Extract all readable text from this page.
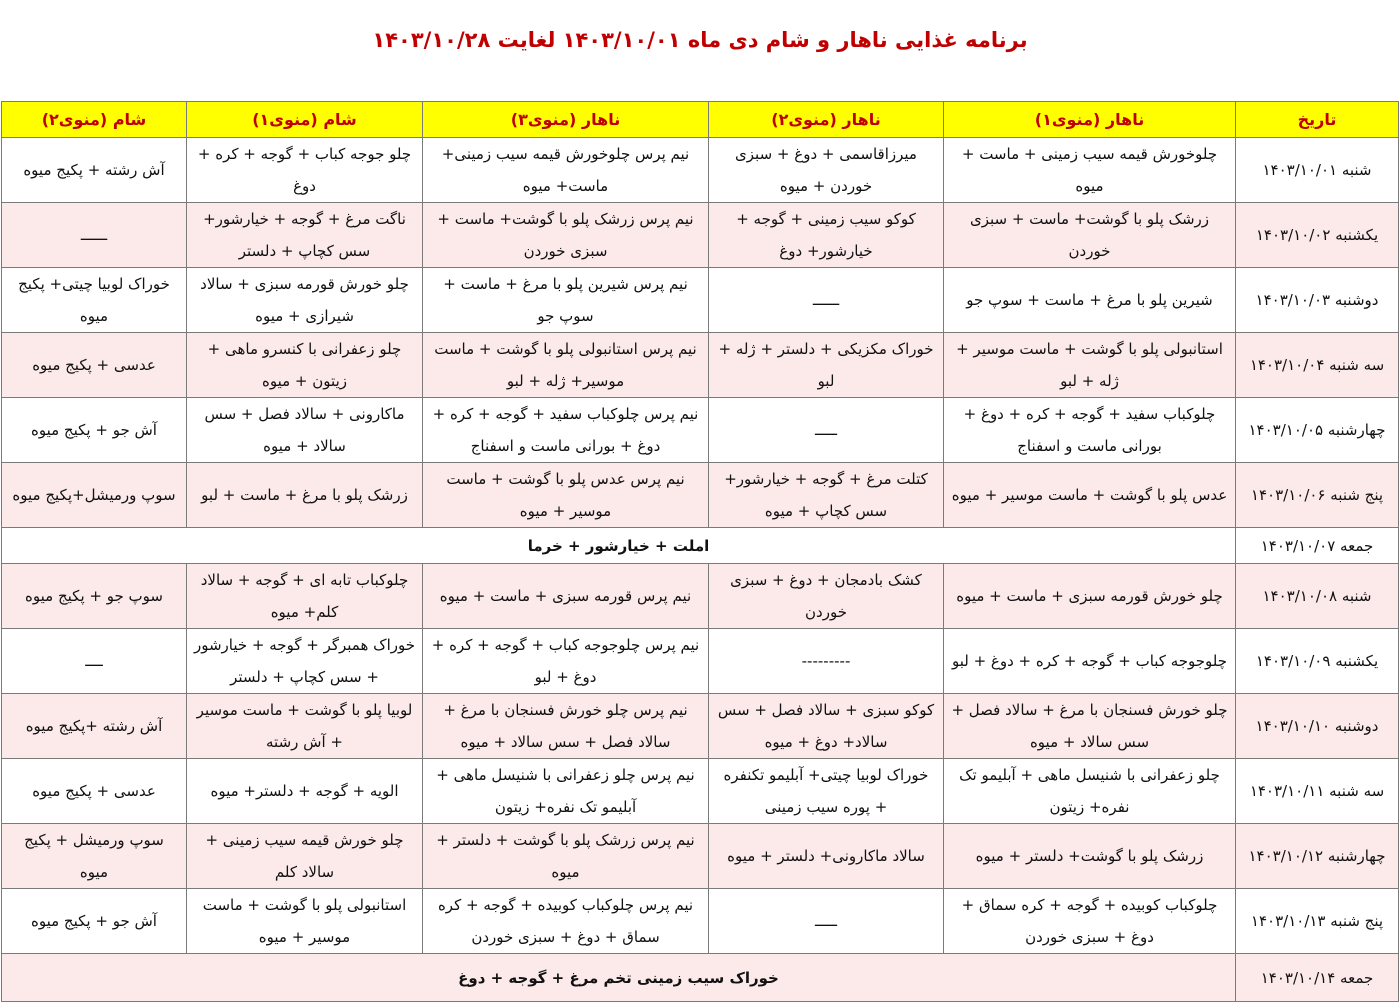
برنامه غذایی ناهار و شام دی ماه ۱۴۰۳/۱۰/۰۱ لغایت ۱۴۰۳/۱۰/۲۸
تاریخ	ناهار (منوی۱)	ناهار (منوی۲)	ناهار (منوی۳)	شام (منوی۱)	شام (منوی۲)
شنبه ۱۴۰۳/۱۰/۰۱	چلوخورش قیمه سیب زمینی + ماست + میوه	میرزاقاسمی + دوغ + سبزی خوردن + میوه	نیم پرس چلوخورش قیمه سیب زمینی+ ماست+ میوه	چلو جوجه کباب + گوجه + کره + دوغ	آش رشته + پکیج میوه
یکشنبه ۱۴۰۳/۱۰/۰۲	زرشک پلو با گوشت+ ماست + سبزی خوردن	کوکو سیب زمینی + گوجه + خیارشور+ دوغ	نیم پرس زرشک پلو با گوشت+ ماست + سبزی خوردن	ناگت مرغ + گوجه + خیارشور+ سس کچاپ + دلستر	ــــــ
دوشنبه ۱۴۰۳/۱۰/۰۳	شیرین پلو با مرغ + ماست + سوپ جو	ــــــ	نیم پرس شیرین پلو با مرغ + ماست + سوپ جو	چلو خورش قورمه سبزی + سالاد شیرازی + میوه	خوراک لوبیا چیتی+ پکیج میوه
سه شنبه ۱۴۰۳/۱۰/۰۴	استانبولی پلو با گوشت + ماست موسیر + ژله + لبو	خوراک مکزیکی + دلستر + ژله + لبو	نیم پرس استانبولی پلو با گوشت + ماست موسیر+ ژله + لبو	چلو زعفرانی با کنسرو ماهی + زیتون + میوه	عدسی + پکیج میوه
چهارشنبه ۱۴۰۳/۱۰/۰۵	چلوکباب سفید + گوجه + کره + دوغ + بورانی ماست و اسفناج	ـــــ	نیم پرس چلوکباب سفید + گوجه + کره + دوغ + بورانی ماست و اسفناج	ماکارونی + سالاد فصل + سس سالاد + میوه	آش جو + پکیج میوه
پنج شنبه ۱۴۰۳/۱۰/۰۶	عدس پلو با گوشت + ماست موسیر + میوه	کتلت مرغ + گوجه + خیارشور+ سس کچاپ + میوه	نیم پرس عدس پلو با گوشت + ماست موسیر + میوه	زرشک پلو با مرغ + ماست + لبو	سوپ ورمیشل+پکیج میوه
جمعه ۱۴۰۳/۱۰/۰۷	املت + خیارشور + خرما				
شنبه ۱۴۰۳/۱۰/۰۸	چلو خورش قورمه سبزی + ماست + میوه	کشک بادمجان + دوغ + سبزی خوردن	نیم پرس قورمه سبزی + ماست + میوه	چلوکباب تابه ای + گوجه + سالاد کلم+ میوه	سوپ جو + پکیج میوه
یکشنبه ۱۴۰۳/۱۰/۰۹	چلوجوجه کباب + گوجه + کره + دوغ + لبو	---------	نیم پرس چلوجوجه کباب + گوجه + کره + دوغ + لبو	خوراک همبرگر + گوجه + خیارشور + سس کچاپ + دلستر	ــــ
دوشنبه ۱۴۰۳/۱۰/۱۰	چلو خورش فسنجان با مرغ + سالاد فصل + سس سالاد + میوه	کوکو سبزی + سالاد فصل + سس سالاد+ دوغ + میوه	نیم پرس چلو خورش فسنجان با مرغ + سالاد فصل + سس سالاد + میوه	لوبیا پلو با گوشت + ماست موسیر + آش رشته	آش رشته +پکیج میوه
سه شنبه ۱۴۰۳/۱۰/۱۱	چلو زعفرانی با شنیسل ماهی + آبلیمو تک نفره+ زیتون	خوراک لوبیا چیتی+ آبلیمو تکنفره + پوره سیب زمینی	نیم پرس چلو زعفرانی با شنیسل ماهی + آبلیمو تک نفره+ زیتون	الویه + گوجه + دلستر+ میوه	عدسی + پکیج میوه
چهارشنبه ۱۴۰۳/۱۰/۱۲	زرشک پلو با گوشت+ دلستر + میوه	سالاد ماکارونی+ دلستر + میوه	نیم پرس زرشک پلو با گوشت + دلستر + میوه	چلو خورش قیمه سیب زمینی + سالاد کلم	سوپ ورمیشل + پکیج میوه
پنج شنبه ۱۴۰۳/۱۰/۱۳	چلوکباب کوبیده + گوجه + کره سماق + دوغ + سبزی خوردن	ـــــ	نیم پرس چلوکباب کوبیده + گوجه + کره سماق + دوغ + سبزی خوردن	استانبولی پلو با گوشت + ماست موسیر + میوه	آش جو + پکیج میوه
جمعه ۱۴۰۳/۱۰/۱۴	خوراک سیب زمینی تخم مرغ + گوجه + دوغ				
